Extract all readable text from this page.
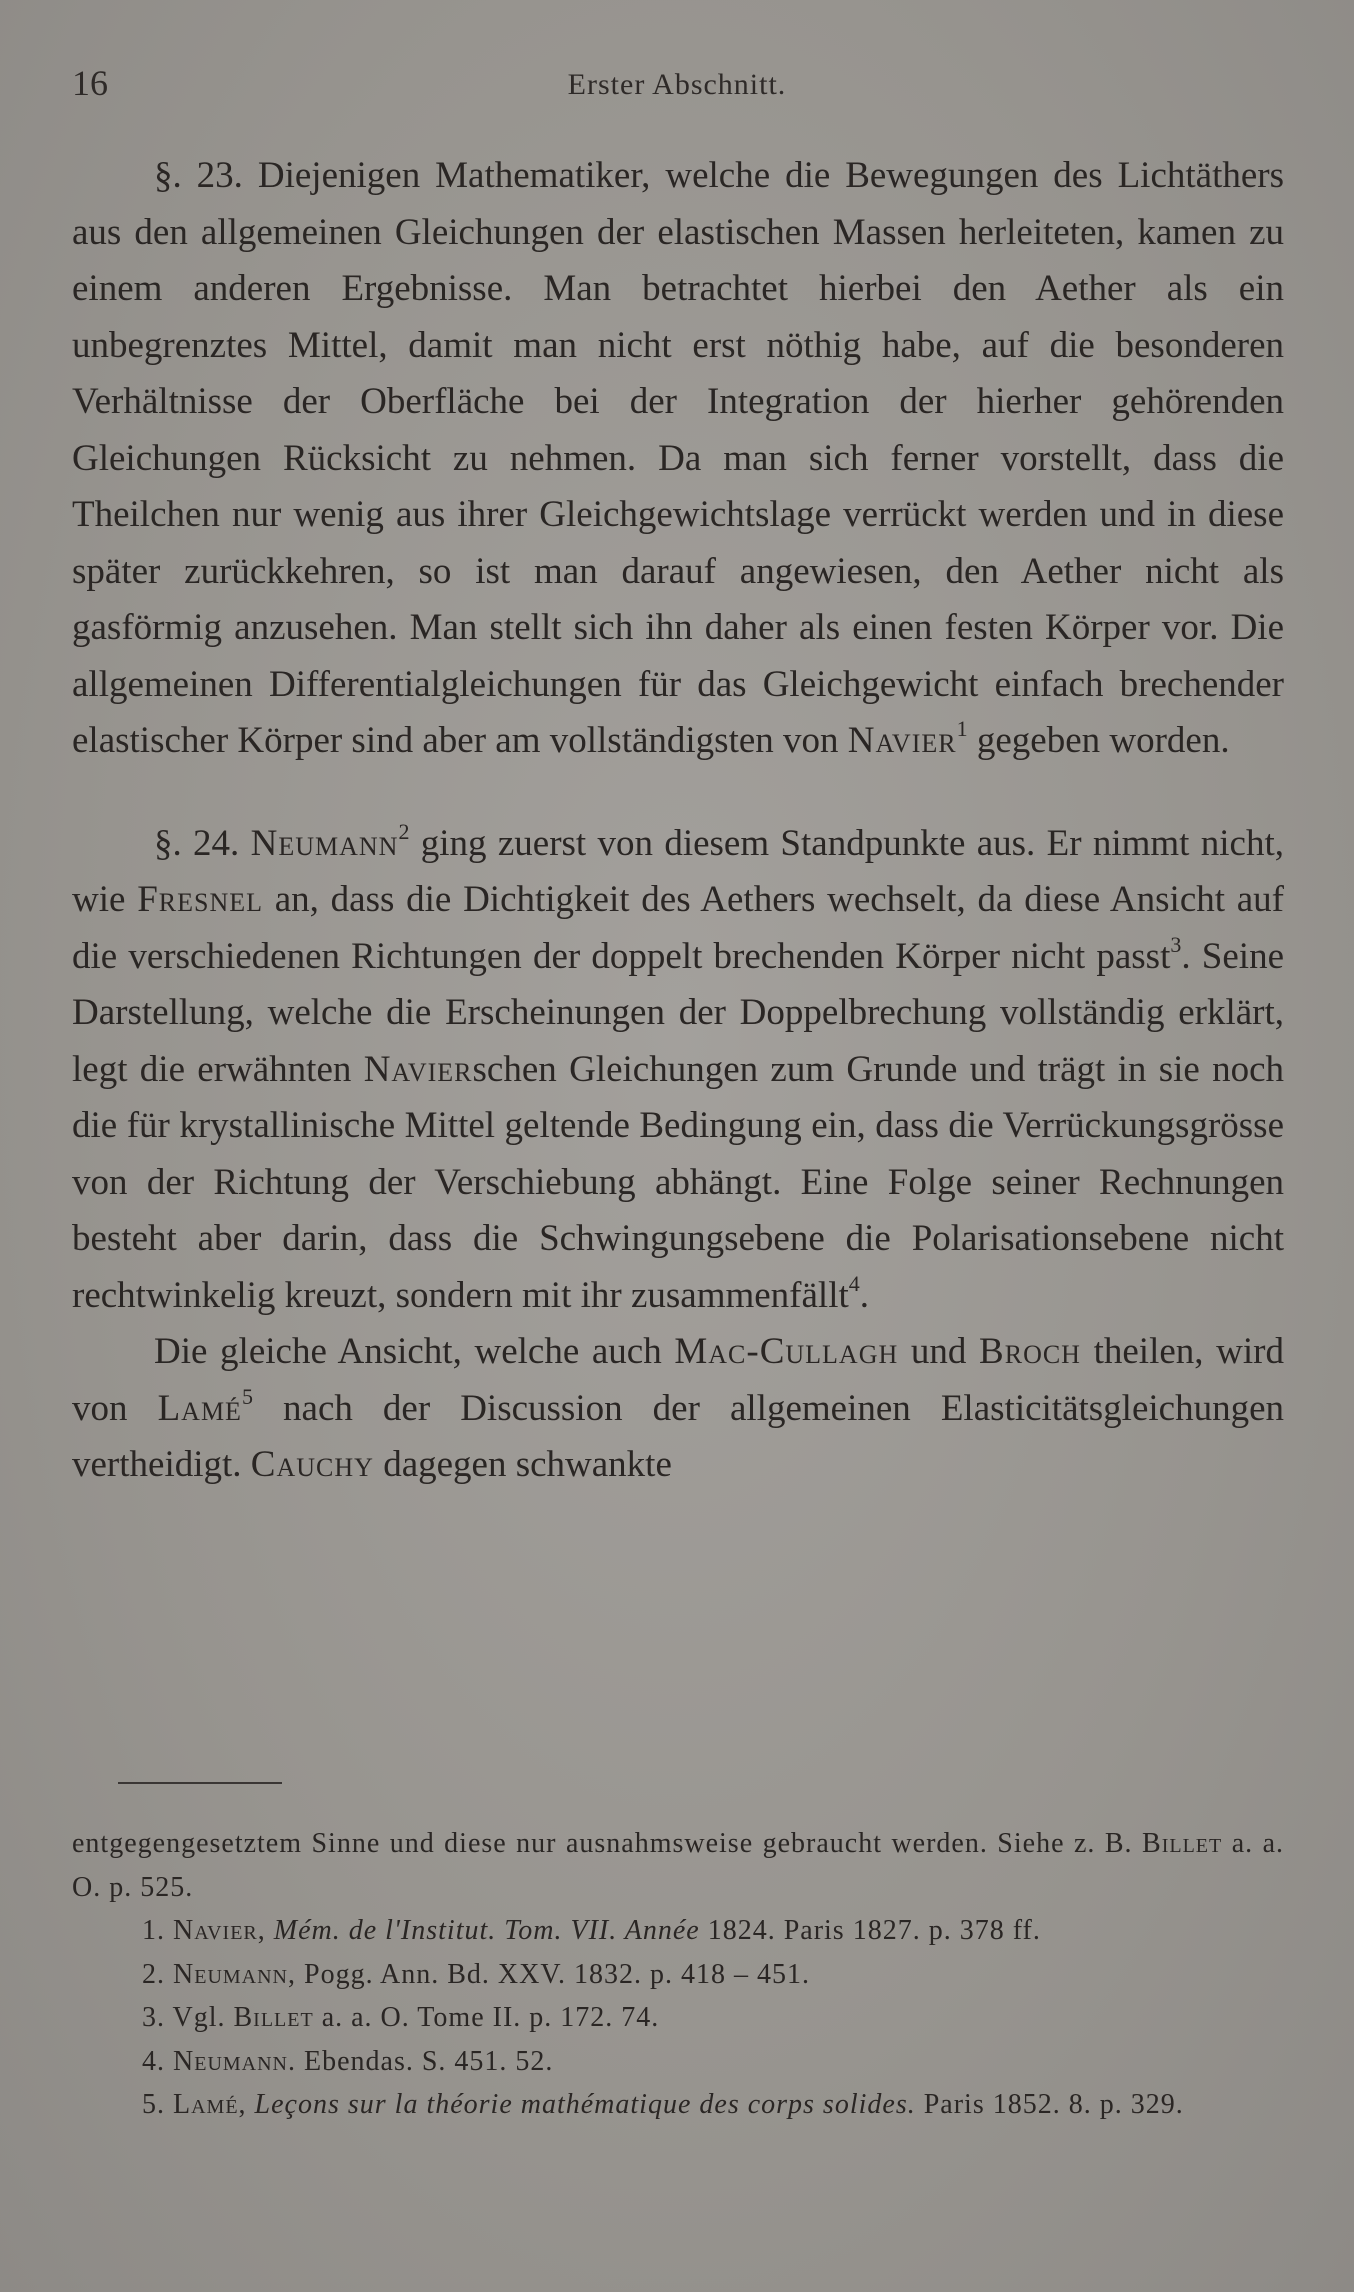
16	Erster Abschnitt.

§. 23. Diejenigen Mathematiker, welche die Bewegungen des Lichtäthers aus den allgemeinen Gleichungen der elastischen Massen herleiteten, kamen zu einem anderen Ergebnisse. Man betrachtet hierbei den Aether als ein unbegrenztes Mittel, damit man nicht erst nöthig habe, auf die besonderen Verhältnisse der Oberfläche bei der Integration der hierher gehörenden Gleichungen Rücksicht zu nehmen. Da man sich ferner vorstellt, dass die Theilchen nur wenig aus ihrer Gleichgewichtslage verrückt werden und in diese später zurückkehren, so ist man darauf angewiesen, den Aether nicht als gasförmig anzusehen. Man stellt sich ihn daher als einen festen Körper vor. Die allgemeinen Differentialgleichungen für das Gleichgewicht einfach brechender elastischer Körper sind aber am vollständigsten von Navier$^1$ gegeben worden.

§. 24. Neumann$^2$ ging zuerst von diesem Standpunkte aus. Er nimmt nicht, wie Fresnel an, dass die Dichtigkeit des Aethers wechselt, da diese Ansicht auf die verschiedenen Richtungen der doppelt brechenden Körper nicht passt$^3$. Seine Darstellung, welche die Erscheinungen der Doppelbrechung vollständig erklärt, legt die erwähnten Navierschen Gleichungen zum Grunde und trägt in sie noch die für krystallinische Mittel geltende Bedingung ein, dass die Verrückungsgrösse von der Richtung der Verschiebung abhängt. Eine Folge seiner Rechnungen besteht aber darin, dass die Schwingungsebene die Polarisationsebene nicht rechtwinkelig kreuzt, sondern mit ihr zusammenfällt$^4$.

Die gleiche Ansicht, welche auch Mac-Cullagh und Broch theilen, wird von Lamé$^5$ nach der Discussion der allgemeinen Elasticitätsgleichungen vertheidigt. Cauchy dagegen schwankte

entgegengesetztem Sinne und diese nur ausnahmsweise gebraucht werden. Siehe z. B. Billet a. a. O. p. 525.

1. Navier, Mém. de l'Institut. Tom. VII. Année 1824. Paris 1827. p. 378 ff.

2. Neumann, Pogg. Ann. Bd. XXV. 1832. p. 418 – 451.

3. Vgl. Billet a. a. O. Tome II. p. 172. 74.

4. Neumann. Ebendas. S. 451. 52.

5. Lamé, Leçons sur la théorie mathématique des corps solides. Paris 1852. 8. p. 329.
